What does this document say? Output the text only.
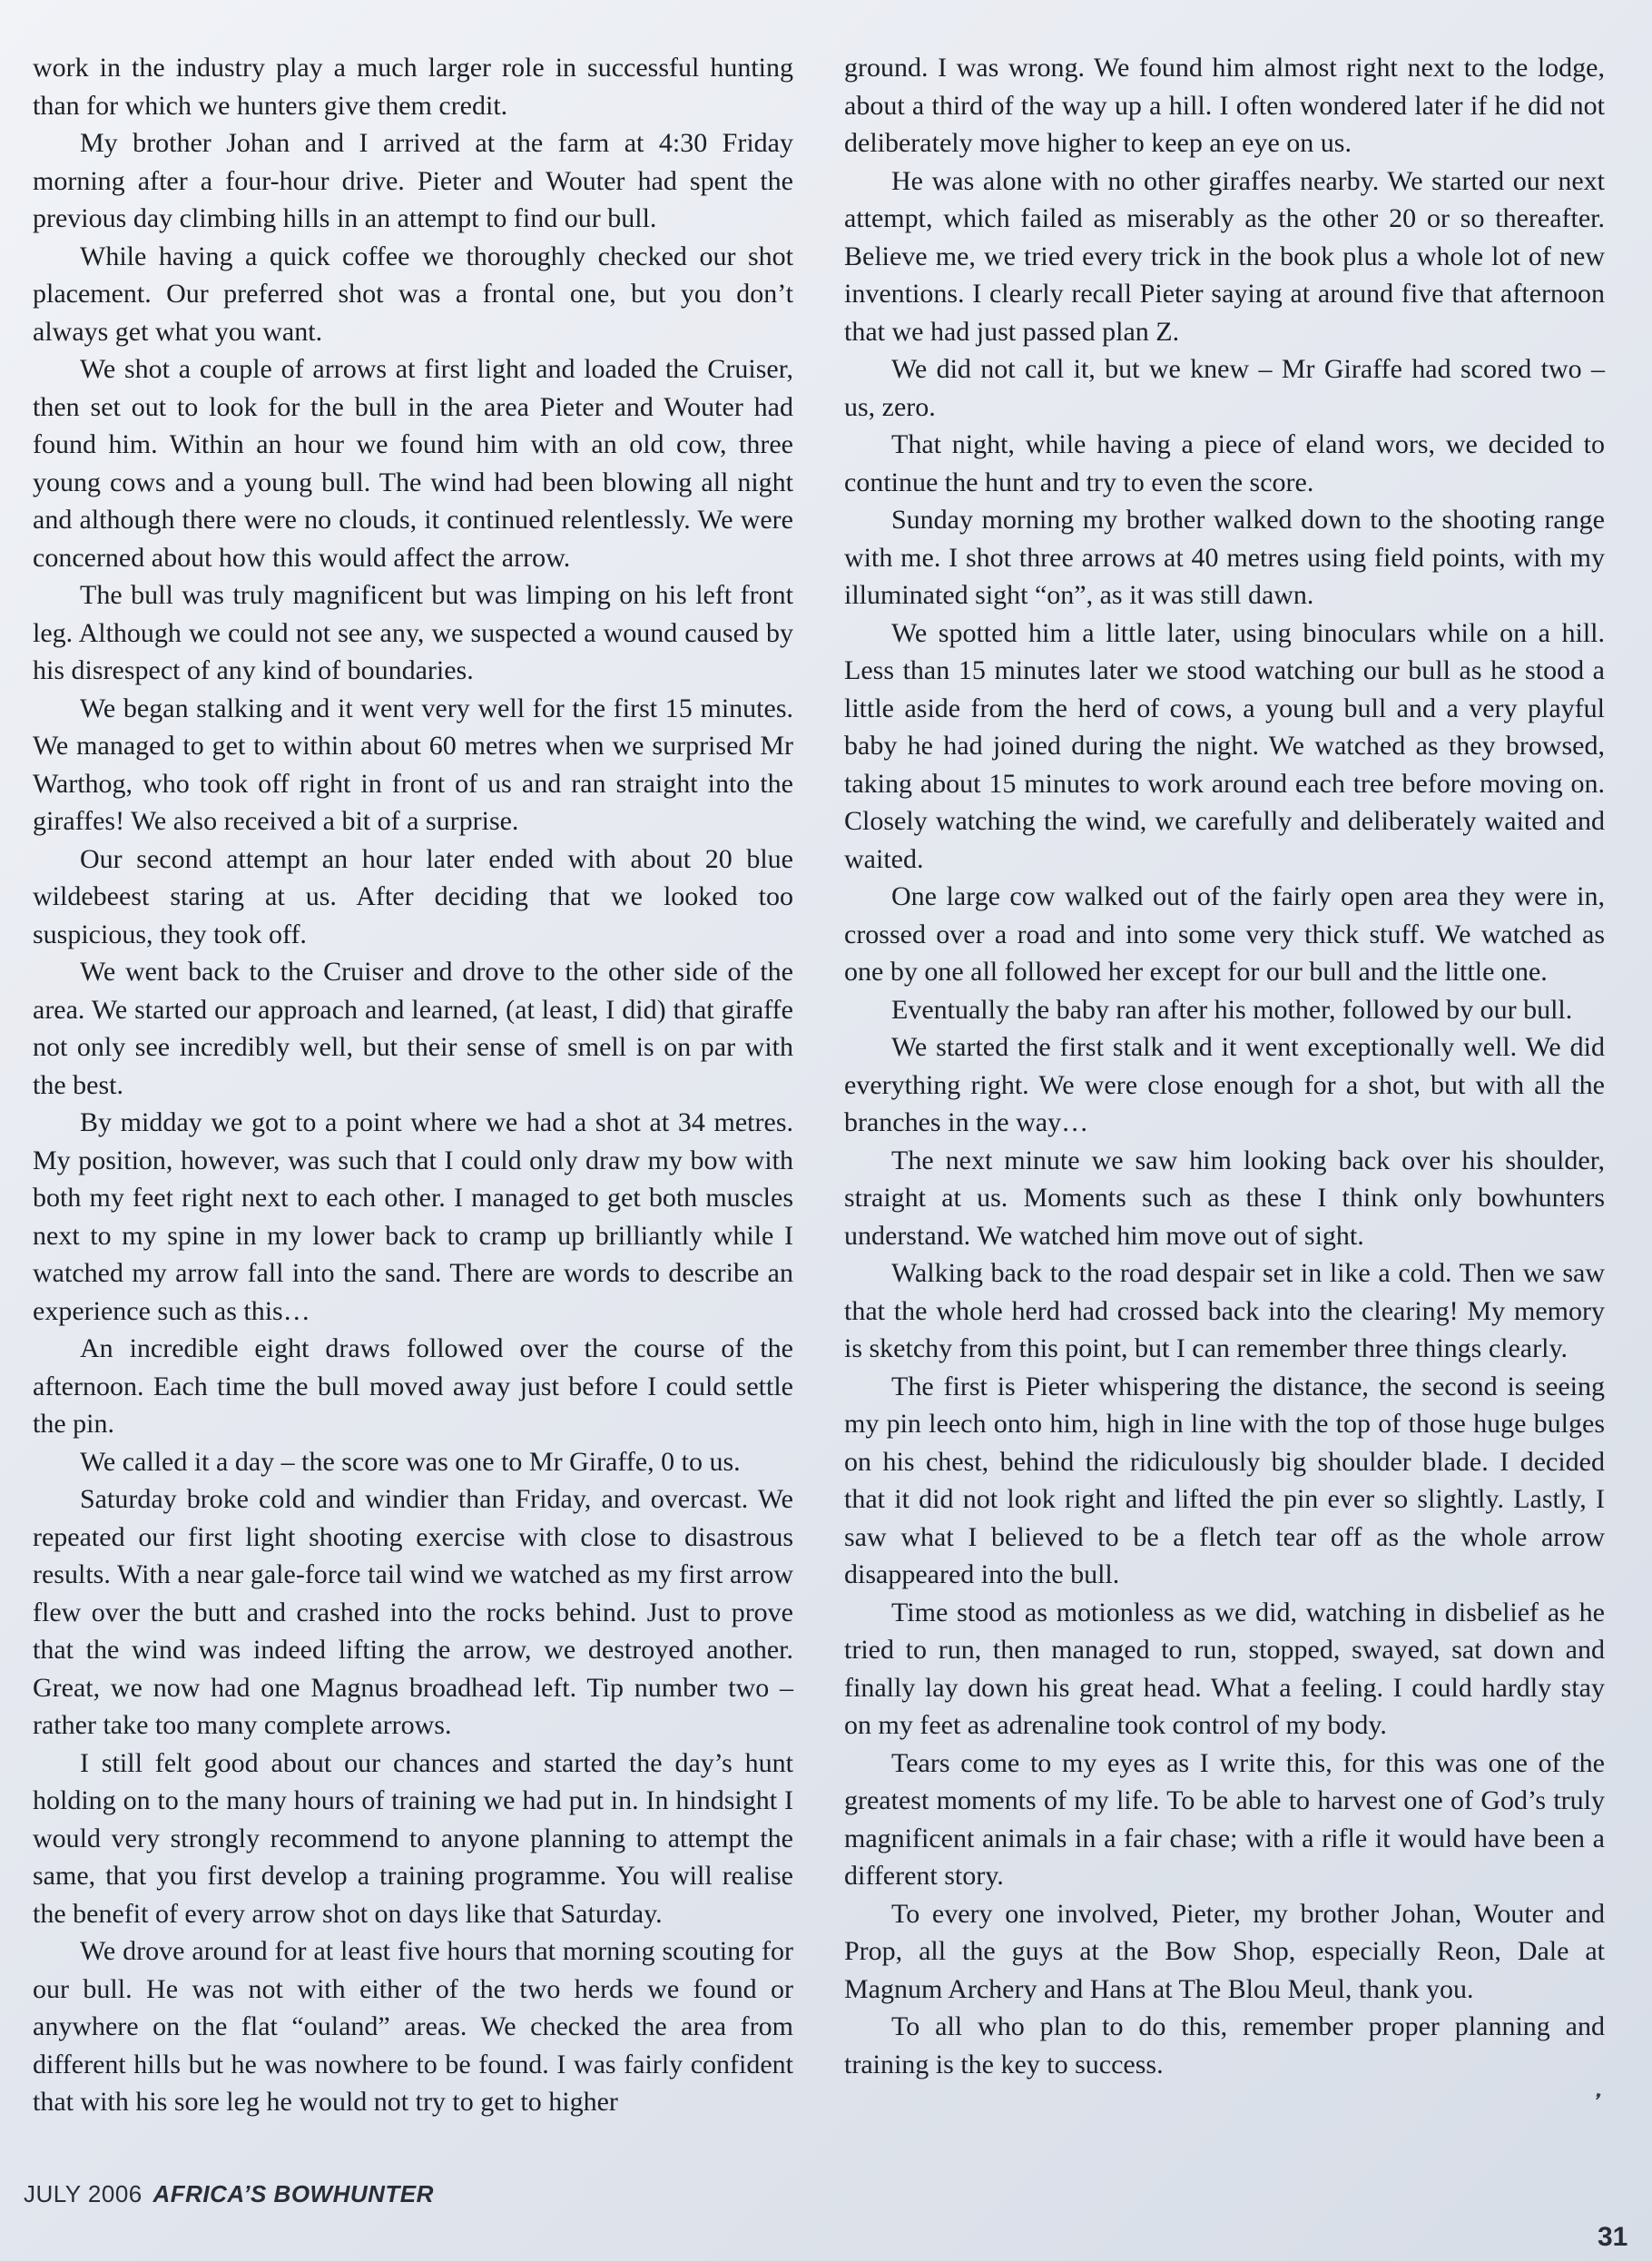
work in the industry play a much larger role in successful hunting than for which we hunters give them credit.

My brother Johan and I arrived at the farm at 4:30 Friday morning after a four-hour drive. Pieter and Wouter had spent the previous day climbing hills in an attempt to find our bull.

While having a quick coffee we thoroughly checked our shot placement. Our preferred shot was a frontal one, but you don’t always get what you want.

We shot a couple of arrows at first light and loaded the Cruiser, then set out to look for the bull in the area Pieter and Wouter had found him. Within an hour we found him with an old cow, three young cows and a young bull. The wind had been blowing all night and although there were no clouds, it continued relentlessly. We were concerned about how this would affect the arrow.

The bull was truly magnificent but was limping on his left front leg. Although we could not see any, we suspected a wound caused by his disrespect of any kind of boundaries.

We began stalking and it went very well for the first 15 minutes. We managed to get to within about 60 metres when we surprised Mr Warthog, who took off right in front of us and ran straight into the giraffes! We also received a bit of a surprise.

Our second attempt an hour later ended with about 20 blue wildebeest staring at us. After deciding that we looked too suspicious, they took off.

We went back to the Cruiser and drove to the other side of the area. We started our approach and learned, (at least, I did) that giraffe not only see incredibly well, but their sense of smell is on par with the best.

By midday we got to a point where we had a shot at 34 metres. My position, however, was such that I could only draw my bow with both my feet right next to each other. I managed to get both muscles next to my spine in my lower back to cramp up brilliantly while I watched my arrow fall into the sand. There are words to describe an experience such as this…

An incredible eight draws followed over the course of the afternoon. Each time the bull moved away just before I could settle the pin.

We called it a day – the score was one to Mr Giraffe, 0 to us.

Saturday broke cold and windier than Friday, and overcast. We repeated our first light shooting exercise with close to disastrous results. With a near gale-force tail wind we watched as my first arrow flew over the butt and crashed into the rocks behind. Just to prove that the wind was indeed lifting the arrow, we destroyed another. Great, we now had one Magnus broadhead left. Tip number two – rather take too many complete arrows.

I still felt good about our chances and started the day’s hunt holding on to the many hours of training we had put in. In hindsight I would very strongly recommend to anyone planning to attempt the same, that you first develop a training programme. You will realise the benefit of every arrow shot on days like that Saturday.

We drove around for at least five hours that morning scouting for our bull. He was not with either of the two herds we found or anywhere on the flat “ouland” areas. We checked the area from different hills but he was nowhere to be found. I was fairly confident that with his sore leg he would not try to get to higher

ground. I was wrong. We found him almost right next to the lodge, about a third of the way up a hill. I often wondered later if he did not deliberately move higher to keep an eye on us.

He was alone with no other giraffes nearby. We started our next attempt, which failed as miserably as the other 20 or so thereafter. Believe me, we tried every trick in the book plus a whole lot of new inventions. I clearly recall Pieter saying at around five that afternoon that we had just passed plan Z.

We did not call it, but we knew – Mr Giraffe had scored two – us, zero.

That night, while having a piece of eland wors, we decided to continue the hunt and try to even the score.

Sunday morning my brother walked down to the shooting range with me. I shot three arrows at 40 metres using field points, with my illuminated sight “on”, as it was still dawn.

We spotted him a little later, using binoculars while on a hill. Less than 15 minutes later we stood watching our bull as he stood a little aside from the herd of cows, a young bull and a very playful baby he had joined during the night. We watched as they browsed, taking about 15 minutes to work around each tree before moving on. Closely watching the wind, we carefully and deliberately waited and waited.

One large cow walked out of the fairly open area they were in, crossed over a road and into some very thick stuff. We watched as one by one all followed her except for our bull and the little one.

Eventually the baby ran after his mother, followed by our bull.

We started the first stalk and it went exceptionally well. We did everything right. We were close enough for a shot, but with all the branches in the way…

The next minute we saw him looking back over his shoulder, straight at us. Moments such as these I think only bowhunters understand. We watched him move out of sight.

Walking back to the road despair set in like a cold. Then we saw that the whole herd had crossed back into the clearing! My memory is sketchy from this point, but I can remember three things clearly.

The first is Pieter whispering the distance, the second is seeing my pin leech onto him, high in line with the top of those huge bulges on his chest, behind the ridiculously big shoulder blade. I decided that it did not look right and lifted the pin ever so slightly. Lastly, I saw what I believed to be a fletch tear off as the whole arrow disappeared into the bull.

Time stood as motionless as we did, watching in disbelief as he tried to run, then managed to run, stopped, swayed, sat down and finally lay down his great head. What a feeling. I could hardly stay on my feet as adrenaline took control of my body.

Tears come to my eyes as I write this, for this was one of the greatest moments of my life. To be able to harvest one of God’s truly magnificent animals in a fair chase; with a rifle it would have been a different story.

To every one involved, Pieter, my brother Johan, Wouter and Prop, all the guys at the Bow Shop, especially Reon, Dale at Magnum Archery and Hans at The Blou Meul, thank you.

To all who plan to do this, remember proper planning and training is the key to success.

❜
JULY 2006 AFRICA’S BOWHUNTER
31
